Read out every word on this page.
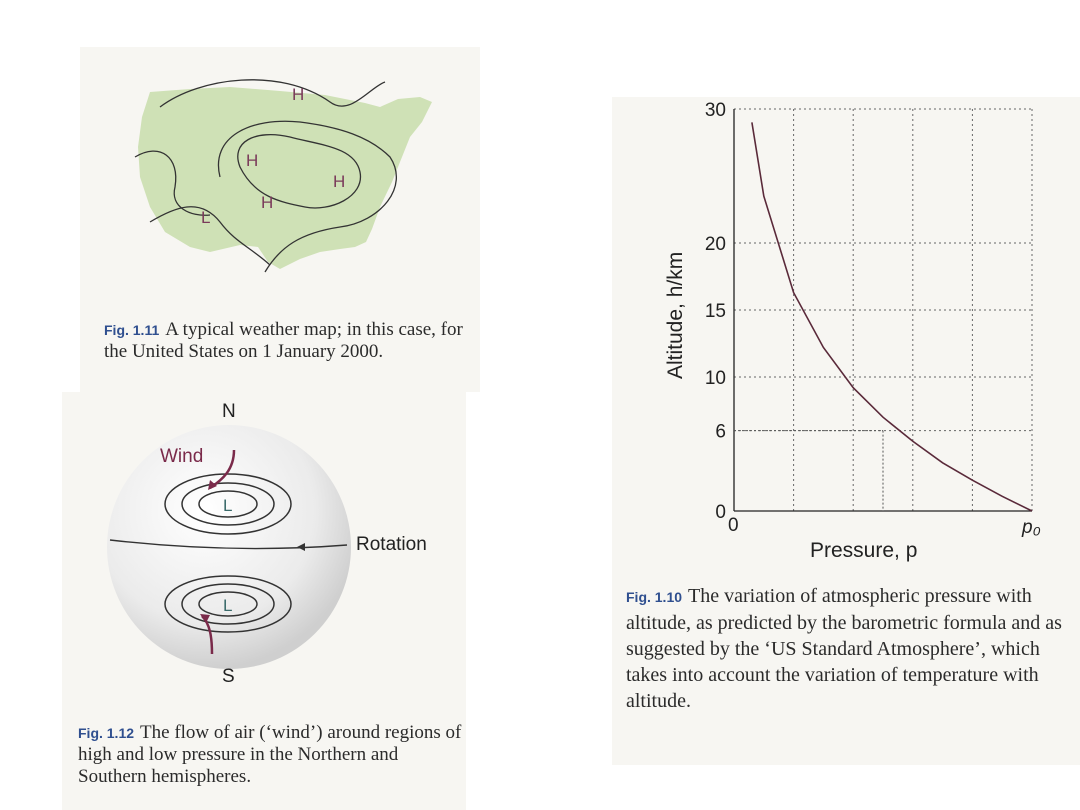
H
H
H
H
L
Fig. 1.11 A typical weather map; in this case, for the United States on 1 January 2000.
N
S
Wind
Rotation
L
L
Fig. 1.12 The flow of air (‘wind’) around regions of high and low pressure in the Northern and Southern hemispheres.
0
6
10
15
20
30
0	p₀
Pressure, p
Altitude, h/km
Fig. 1.10 The variation of atmospheric pressure with altitude, as predicted by the barometric formula and as suggested by the ‘US Standard Atmosphere’, which takes into account the variation of temperature with altitude.
